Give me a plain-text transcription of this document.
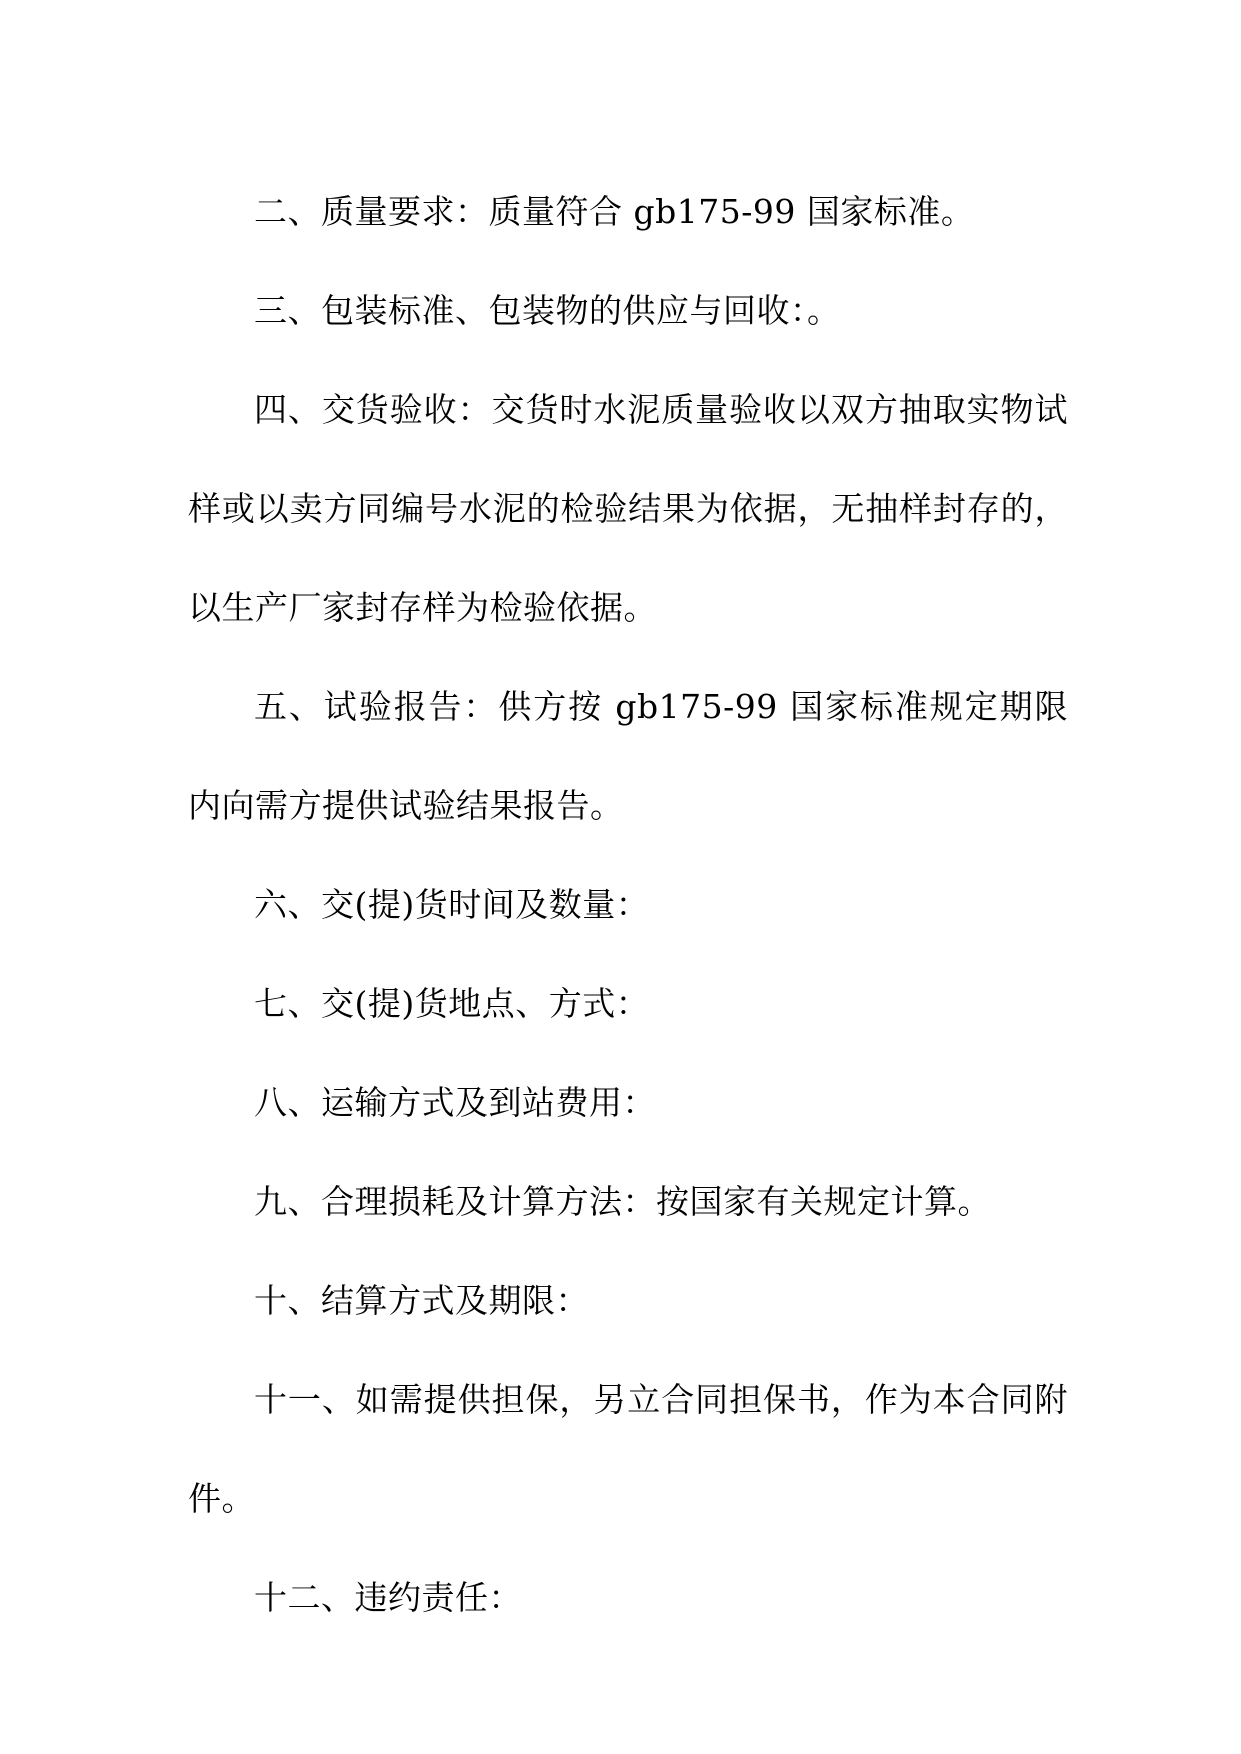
二、质量要求：质量符合 gb175-99 国家标准。

三、包装标准、包装物的供应与回收：。

四、交货验收：交货时水泥质量验收以双方抽取实物试样或以卖方同编号水泥的检验结果为依据，无抽样封存的，以生产厂家封存样为检验依据。

五、试验报告：供方按 gb175-99 国家标准规定期限内向需方提供试验结果报告。

六、交(提)货时间及数量：

七、交(提)货地点、方式：

八、运输方式及到站费用：

九、合理损耗及计算方法：按国家有关规定计算。

十、结算方式及期限：

十一、如需提供担保，另立合同担保书，作为本合同附件。

十二、违约责任：
